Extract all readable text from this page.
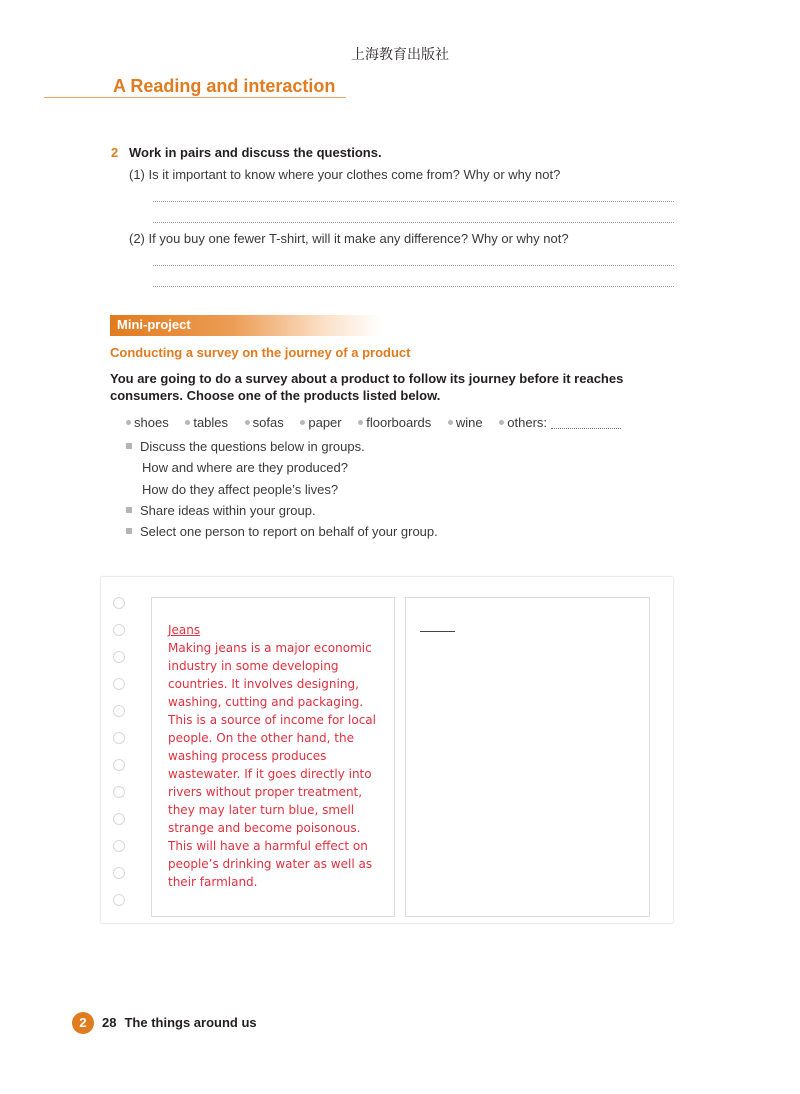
上海教育出版社
A Reading and interaction
2 Work in pairs and discuss the questions.
(1) Is it important to know where your clothes come from? Why or why not?
(2) If you buy one fewer T-shirt, will it make any difference? Why or why not?
Mini-project
Conducting a survey on the journey of a product
You are going to do a survey about a product to follow its journey before it reaches consumers. Choose one of the products listed below.
shoes tables sofas paper floorboards wine others:
Discuss the questions below in groups.
How and where are they produced?
How do they affect people’s lives?
Share ideas within your group.
Select one person to report on behalf of your group.
Jeans
Making jeans is a major economic industry in some developing countries. It involves designing, washing, cutting and packaging. This is a source of income for local people. On the other hand, the washing process produces wastewater. If it goes directly into rivers without proper treatment, they may later turn blue, smell strange and become poisonous. This will have a harmful effect on people’s drinking water as well as their farmland.
2	28 The things around us
